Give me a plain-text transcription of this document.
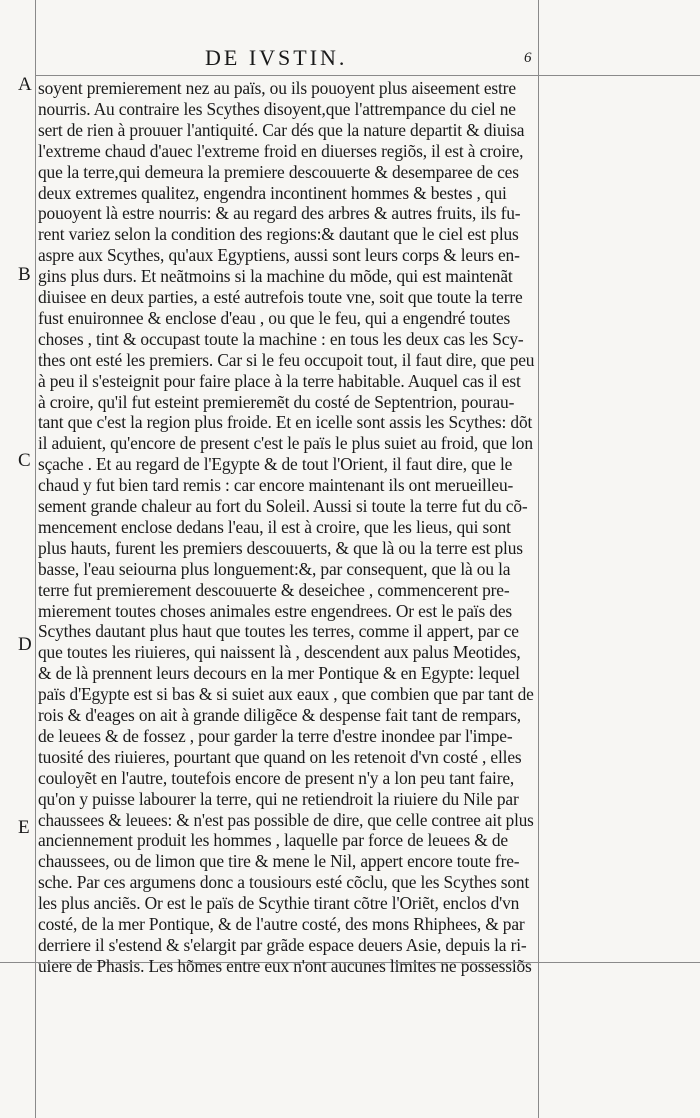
DE IVSTIN.	6
A
B
C
D
E
soyent premierement nez au païs, ou ils pouoyent plus aiseement estre
nourris. Au contraire les Scythes disoyent,que l'attrempance du ciel ne
sert de rien à prouuer l'antiquité. Car dés que la nature departit & diuisa
l'extreme chaud d'auec l'extreme froid en diuerses regiõs, il est à croire,
que la terre,qui demeura la premiere descouuerte & desemparee de ces
deux extremes qualitez, engendra incontinent hommes & bestes , qui
pouoyent là estre nourris: & au regard des arbres & autres fruits, ils fu-
rent variez selon la condition des regions:& dautant que le ciel est plus
aspre aux Scythes, qu'aux Egyptiens, aussi sont leurs corps & leurs en-
gins plus durs. Et neãtmoins si la machine du mõde, qui est maintenãt
diuisee en deux parties, a esté autrefois toute vne, soit que toute la terre
fust enuironnee & enclose d'eau , ou que le feu, qui a engendré toutes
choses , tint & occupast toute la machine : en tous les deux cas les Scy-
thes ont esté les premiers. Car si le feu occupoit tout, il faut dire, que peu
à peu il s'esteignit pour faire place à la terre habitable. Auquel cas il est
à croire, qu'il fut esteint premieremẽt du costé de Septentrion, pourau-
tant que c'est la region plus froide. Et en icelle sont assis les Scythes: dõt
il aduient, qu'encore de present c'est le païs le plus suiet au froid, que lon
sçache . Et au regard de l'Egypte & de tout l'Orient, il faut dire, que le
chaud y fut bien tard remis : car encore maintenant ils ont merueilleu-
sement grande chaleur au fort du Soleil. Aussi si toute la terre fut du cõ-
mencement enclose dedans l'eau, il est à croire, que les lieus, qui sont
plus hauts, furent les premiers descouuerts, & que là ou la terre est plus
basse, l'eau seiourna plus longuement:&, par consequent, que là ou la
terre fut premierement descouuerte & deseichee , commencerent pre-
mierement toutes choses animales estre engendrees. Or est le païs des
Scythes dautant plus haut que toutes les terres, comme il appert, par ce
que toutes les riuieres, qui naissent là , descendent aux palus Meotides,
& de là prennent leurs decours en la mer Pontique & en Egypte: lequel
païs d'Egypte est si bas & si suiet aux eaux , que combien que par tant de
rois & d'eages on ait à grande diligẽce & despense fait tant de rempars,
de leuees & de fossez , pour garder la terre d'estre inondee par l'impe-
tuosité des riuieres, pourtant que quand on les retenoit d'vn costé , elles
couloyẽt en l'autre, toutefois encore de present n'y a lon peu tant faire,
qu'on y puisse labourer la terre, qui ne retiendroit la riuiere du Nile par
chaussees & leuees: & n'est pas possible de dire, que celle contree ait plus
anciennement produit les hommes , laquelle par force de leuees & de
chaussees, ou de limon que tire & mene le Nil, appert encore toute fre-
sche. Par ces argumens donc a tousiours esté cõclu, que les Scythes sont
les plus anciẽs. Or est le païs de Scythie tirant cõtre l'Oriẽt, enclos d'vn
costé, de la mer Pontique, & de l'autre costé, des mons Rhiphees, & par
derriere il s'estend & s'elargit par grãde espace deuers Asie, depuis la ri-
uiere de Phasis. Les hõmes entre eux n'ont aucunes limites ne possessiõs
